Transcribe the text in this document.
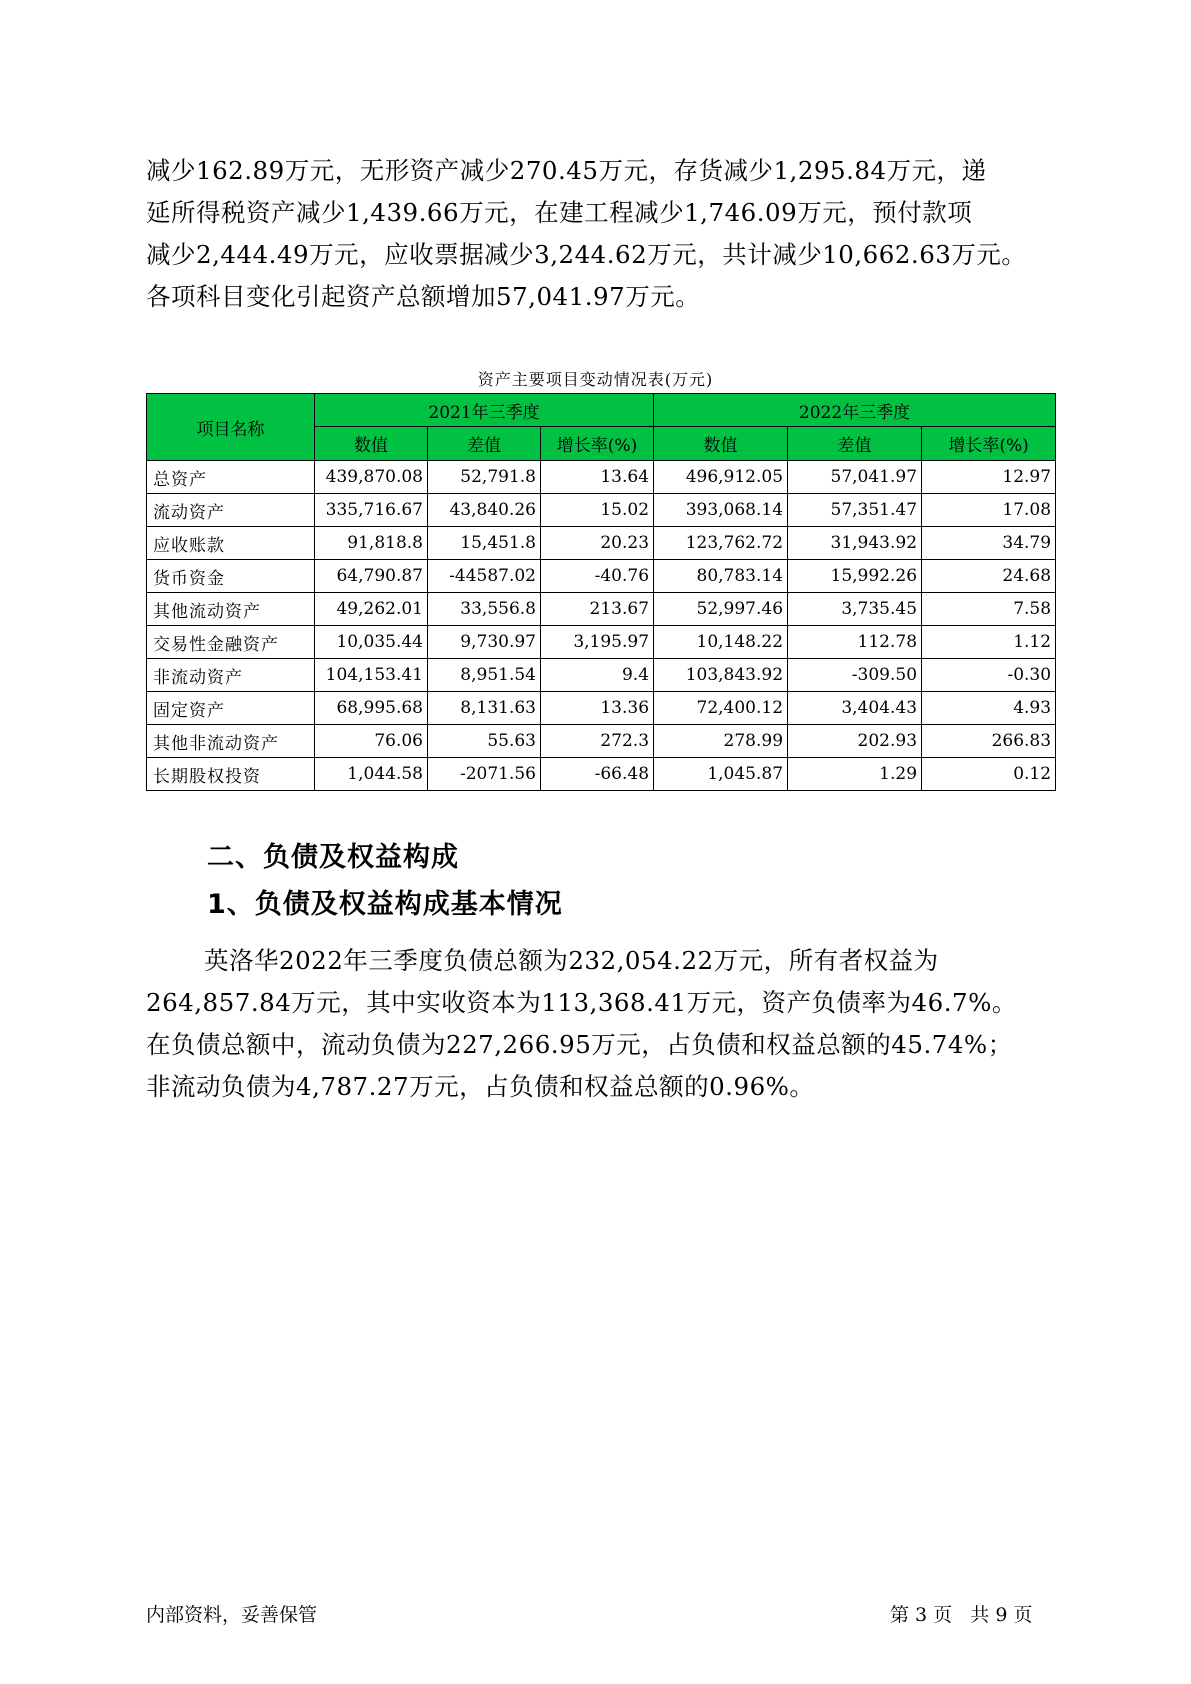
减少162.89万元，无形资产减少270.45万元，存货减少1,295.84万元，递

延所得税资产减少1,439.66万元，在建工程减少1,746.09万元，预付款项

减少2,444.49万元，应收票据减少3,244.62万元，共计减少10,662.63万元。

各项科目变化引起资产总额增加57,041.97万元。

资产主要项目变动情况表(万元)
项目名称	2021年三季度			2022年三季度		
	数值	差值	增长率(%)	数值	差值	增长率(%)
总资产	439,870.08	52,791.8	13.64	496,912.05	57,041.97	12.97
流动资产	335,716.67	43,840.26	15.02	393,068.14	57,351.47	17.08
应收账款	91,818.8	15,451.8	20.23	123,762.72	31,943.92	34.79
货币资金	64,790.87	-44587.02	-40.76	80,783.14	15,992.26	24.68
其他流动资产	49,262.01	33,556.8	213.67	52,997.46	3,735.45	7.58
交易性金融资产	10,035.44	9,730.97	3,195.97	10,148.22	112.78	1.12
非流动资产	104,153.41	8,951.54	9.4	103,843.92	-309.50	-0.30
固定资产	68,995.68	8,131.63	13.36	72,400.12	3,404.43	4.93
其他非流动资产	76.06	55.63	272.3	278.99	202.93	266.83
长期股权投资	1,044.58	-2071.56	-66.48	1,045.87	1.29	0.12
二、负债及权益构成
1、负债及权益构成基本情况

英洛华2022年三季度负债总额为232,054.22万元，所有者权益为

264,857.84万元，其中实收资本为113,368.41万元，资产负债率为46.7%。

在负债总额中，流动负债为227,266.95万元，占负债和权益总额的45.74%；

非流动负债为4,787.27万元，占负债和权益总额的0.96%。

内部资料，妥善保管	第 3 页   共 9 页
